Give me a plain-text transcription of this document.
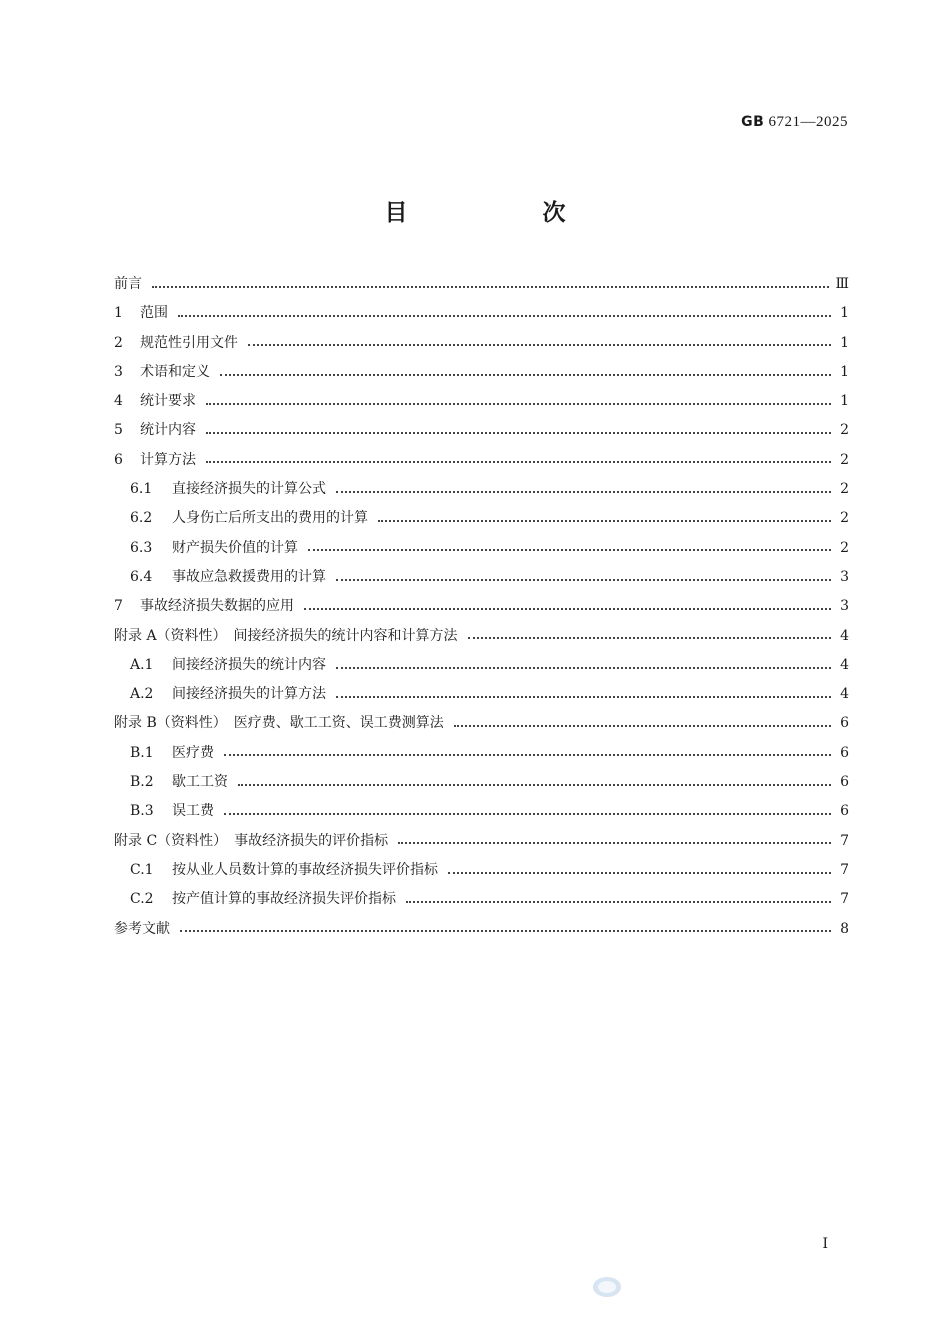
GB 6721—2025
目　次
前言	Ⅲ
1	范围	1
2	规范性引用文件	1
3	术语和定义	1
4	统计要求	1
5	统计内容	2
6	计算方法	2
6.1	直接经济损失的计算公式	2
6.2	人身伤亡后所支出的费用的计算	2
6.3	财产损失价值的计算	2
6.4	事故应急救援费用的计算	3
7	事故经济损失数据的应用	3
附录 A（资料性）　间接经济损失的统计内容和计算方法	4
A.1	间接经济损失的统计内容	4
A.2	间接经济损失的计算方法	4
附录 B（资料性）　医疗费、歇工工资、误工费测算法	6
B.1	医疗费	6
B.2	歇工工资	6
B.3	误工费	6
附录 C（资料性）　事故经济损失的评价指标	7
C.1	按从业人员数计算的事故经济损失评价指标	7
C.2	按产值计算的事故经济损失评价指标	7
参考文献	8
I
